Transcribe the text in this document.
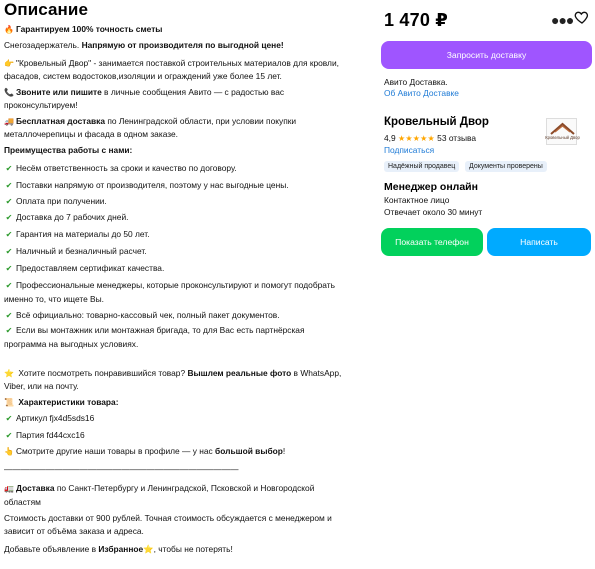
Описание
🔥 Гарантируем 100% точность сметы
Снегозадержатель. Напрямую от производителя по выгодной цене!
👉 "Кровельный Двор" - занимается поставкой строительных материалов для кровли,
фасадов, систем водостоков,изоляции и ограждений уже более 15 лет.
📞 Звоните или пишите в личные сообщения Авито — с радостью вас
проконсультируем!
🚚 Бесплатная доставка по Ленинградской области, при условии покупки
металлочерепицы и фасада в одном заказе.
Преимущества работы с нами:
✔ Несём ответственность за сроки и качество по договору.
✔ Поставки напрямую от производителя, поэтому у нас выгодные цены.
✔ Оплата при получении.
✔ Доставка до 7 рабочих дней.
✔ Гарантия на материалы до 50 лет.
✔ Наличный и безналичный расчет.
✔ Предоставляем сертификат качества.
✔ Профессиональные менеджеры, которые проконсультируют и помогут подобрать
именно то, что ищете Вы.
✔ Всё официально: товарно-кассовый чек, полный пакет документов.
✔ Если вы монтажник или монтажная бригада, то для Вас есть партнёрская
программа на выгодных условиях.
⭐ Хотите посмотреть понравившийся товар? Вышлем реальные фото в WhatsApp,
Viber, или на почту.
📜 Характеристики товара:
✔ Артикул fjx4d5sds16
✔ Партия fd44cxc16
👆 Смотрите другие наши товары в профиле — у нас большой выбор!
————————————————————————————
🚛 Доставка по Санкт-Петербургу и Ленинградской, Псковской и Новгородской
областям
Стоимость доставки от 900 рублей. Точная стоимость обсуждается с менеджером и
зависит от объёма заказа и адреса.
Добавьте объявление в Избранное⭐, чтобы не потерять!
1 470 ₽	●●●
Запросить доставку
Авито Доставка.
Об Авито Доставке
Кровельный Двор
4,9 ★★★★★ 53 отзыва
Подписаться
Кровельный Двор
Надёжный продавец	Документы проверены
Менеджер онлайн
Контактное лицо
Отвечает около 30 минут
Показать телефон	Написать
